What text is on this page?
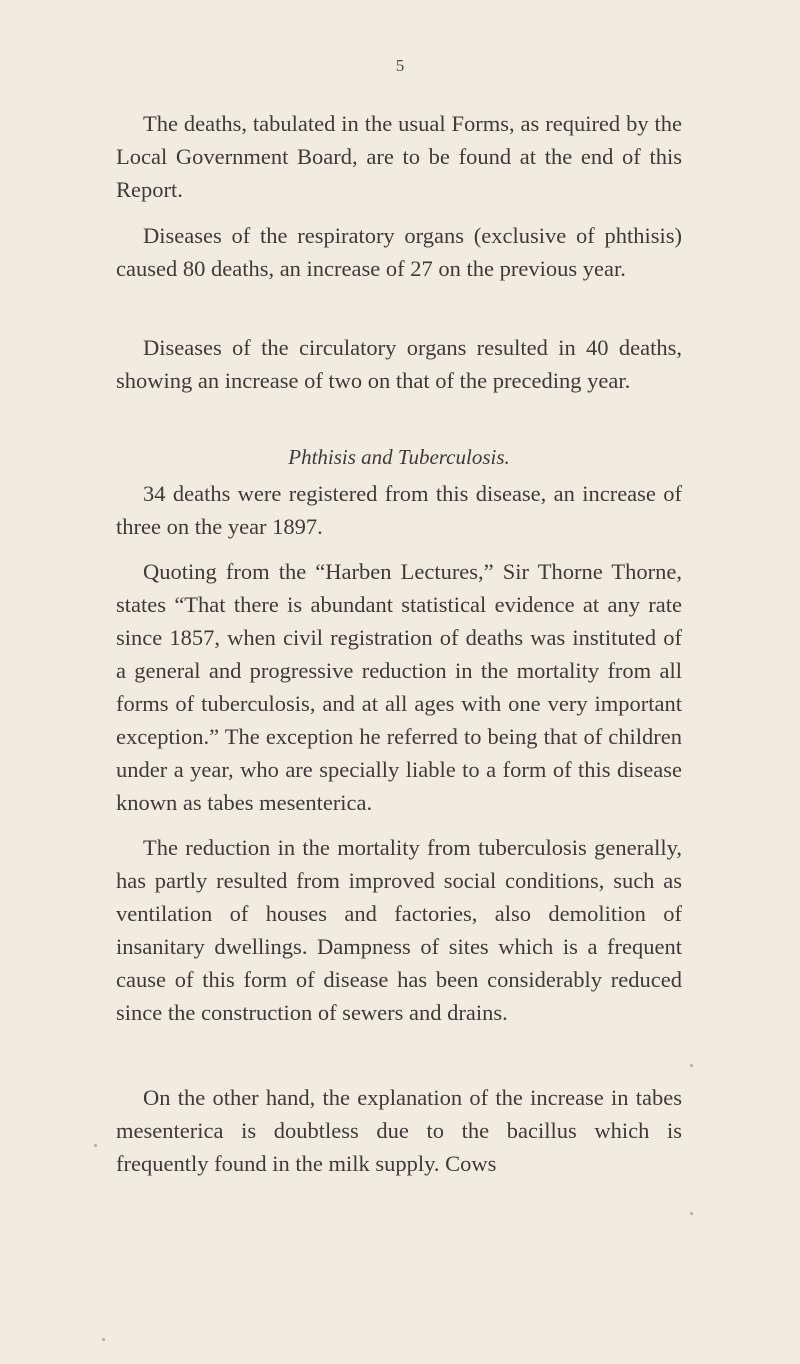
5

The deaths, tabulated in the usual Forms, as required by the Local Government Board, are to be found at the end of this Report.

Diseases of the respiratory organs (exclusive of phthisis) caused 80 deaths, an increase of 27 on the previous year.

Diseases of the circulatory organs resulted in 40 deaths, showing an increase of two on that of the preceding year.

Phthisis and Tuberculosis.

34 deaths were registered from this disease, an increase of three on the year 1897.

Quoting from the “Harben Lectures,” Sir Thorne Thorne, states “That there is abundant statistical evidence at any rate since 1857, when civil registration of deaths was instituted of a general and progressive reduction in the mortality from all forms of tuberculosis, and at all ages with one very important exception.” The exception he referred to being that of children under a year, who are specially liable to a form of this disease known as tabes mesenterica.

The reduction in the mortality from tuberculosis generally, has partly resulted from improved social conditions, such as ventilation of houses and factories, also demolition of insanitary dwellings. Dampness of sites which is a frequent cause of this form of disease has been considerably reduced since the construction of sewers and drains.

On the other hand, the explanation of the increase in tabes mesenterica is doubtless due to the bacillus which is frequently found in the milk supply. Cows
